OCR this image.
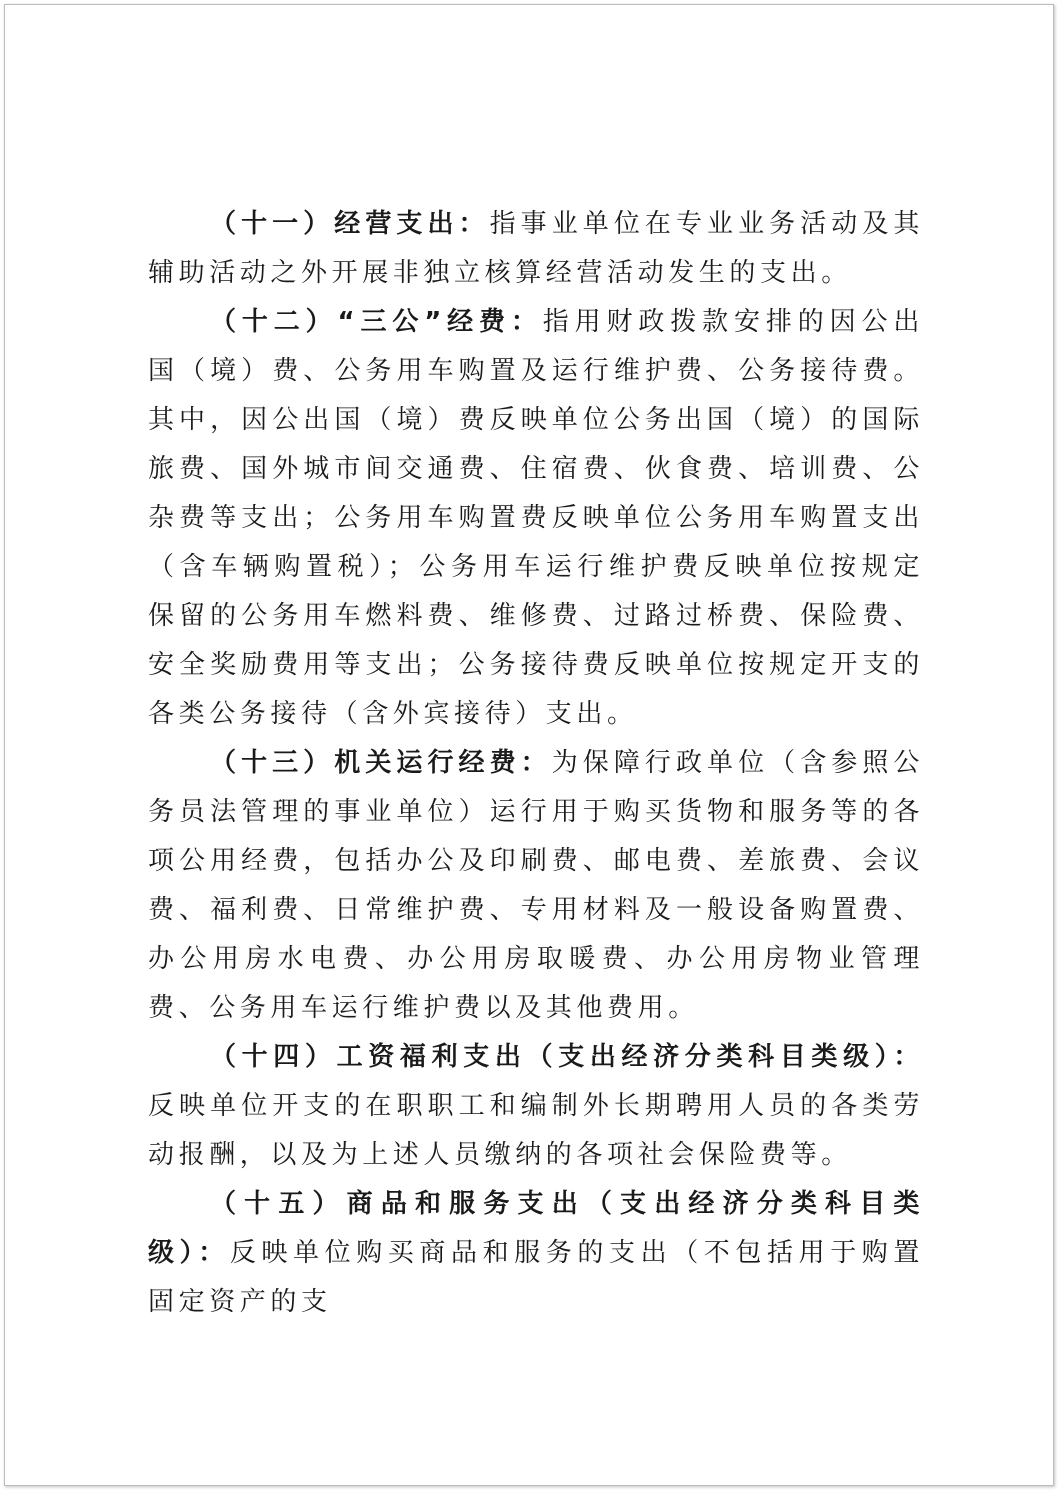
（十一）经营支出：指事业单位在专业业务活动及其辅助活动之外开展非独立核算经营活动发生的支出。

（十二）“三公”经费：指用财政拨款安排的因公出国（境）费、公务用车购置及运行维护费、公务接待费。其中，因公出国（境）费反映单位公务出国（境）的国际旅费、国外城市间交通费、住宿费、伙食费、培训费、公杂费等支出；公务用车购置费反映单位公务用车购置支出（含车辆购置税）；公务用车运行维护费反映单位按规定保留的公务用车燃料费、维修费、过路过桥费、保险费、安全奖励费用等支出；公务接待费反映单位按规定开支的各类公务接待（含外宾接待）支出。

（十三）机关运行经费：为保障行政单位（含参照公务员法管理的事业单位）运行用于购买货物和服务等的各项公用经费，包括办公及印刷费、邮电费、差旅费、会议费、福利费、日常维护费、专用材料及一般设备购置费、办公用房水电费、办公用房取暖费、办公用房物业管理费、公务用车运行维护费以及其他费用。

（十四）工资福利支出（支出经济分类科目类级）：反映单位开支的在职职工和编制外长期聘用人员的各类劳动报酬，以及为上述人员缴纳的各项社会保险费等。

（十五）商品和服务支出（支出经济分类科目类级）：反映单位购买商品和服务的支出（不包括用于购置固定资产的支
